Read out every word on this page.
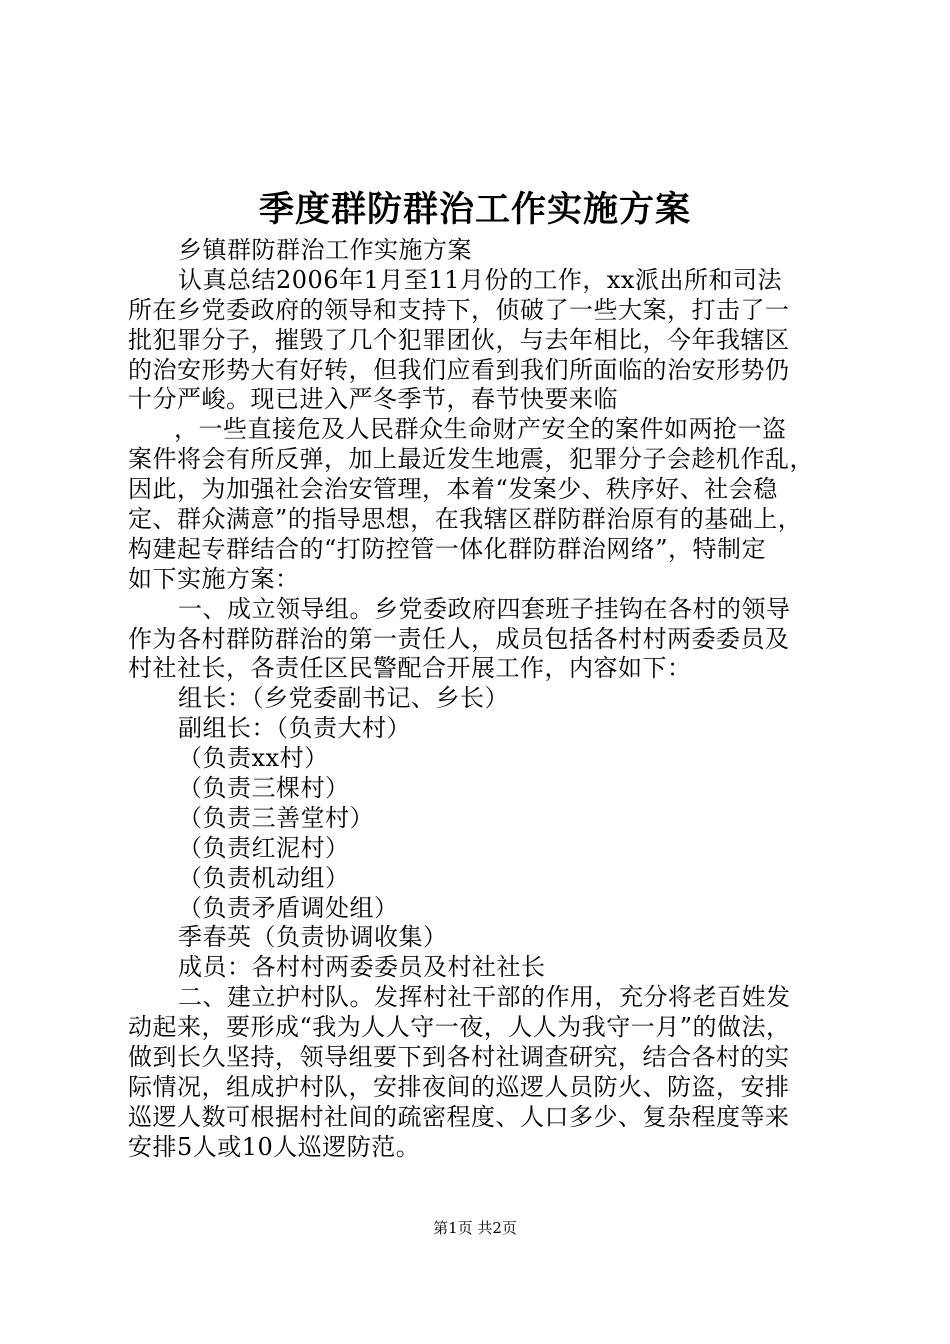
季度群防群治工作实施方案
乡镇群防群治工作实施方案
认真总结2006年1月至11月份的工作，xx派出所和司法
所在乡党委政府的领导和支持下，侦破了一些大案，打击了一
批犯罪分子，摧毁了几个犯罪团伙，与去年相比，今年我辖区
的治安形势大有好转，但我们应看到我们所面临的治安形势仍
十分严峻。现已进入严冬季节，春节快要来临
，一些直接危及人民群众生命财产安全的案件如两抢一盗
案件将会有所反弹，加上最近发生地震，犯罪分子会趁机作乱，
因此，为加强社会治安管理，本着“发案少、秩序好、社会稳
定、群众满意”的指导思想，在我辖区群防群治原有的基础上，
构建起专群结合的“打防控管一体化群防群治网络”，特制定
如下实施方案：
一、成立领导组。乡党委政府四套班子挂钩在各村的领导
作为各村群防群治的第一责任人，成员包括各村村两委委员及
村社社长，各责任区民警配合开展工作，内容如下：
组长：（乡党委副书记、乡长）
副组长：（负责大村）
（负责xx村）
（负责三棵村）
（负责三善堂村）
（负责红泥村）
（负责机动组）
（负责矛盾调处组）
季春英（负责协调收集）
成员：各村村两委委员及村社社长
二、建立护村队。发挥村社干部的作用，充分将老百姓发
动起来，要形成“我为人人守一夜，人人为我守一月”的做法，
做到长久坚持，领导组要下到各村社调查研究，结合各村的实
际情况，组成护村队，安排夜间的巡逻人员防火、防盗，安排
巡逻人数可根据村社间的疏密程度、人口多少、复杂程度等来
安排5人或10人巡逻防范。
第1页 共2页
